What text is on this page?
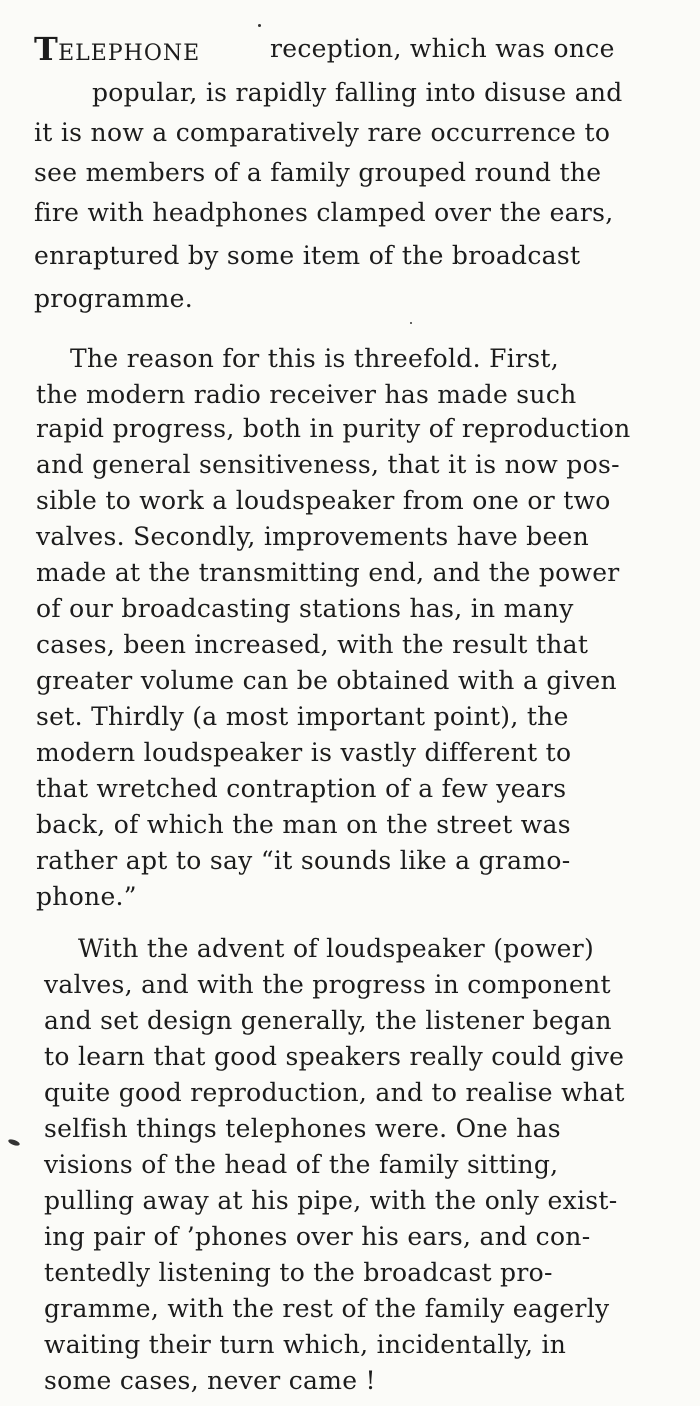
TELEPHONE	reception, which was once
popular, is rapidly falling into disuse and
it is now a comparatively rare occurrence to
see members of a family grouped round the
fire with headphones clamped over the ears,
enraptured by some item of the broadcast
programme.
The reason for this is threefold. First,
the modern radio receiver has made such
rapid progress, both in purity of reproduction
and general sensitiveness, that it is now pos-
sible to work a loudspeaker from one or two
valves. Secondly, improvements have been
made at the transmitting end, and the power
of our broadcasting stations has, in many
cases, been increased, with the result that
greater volume can be obtained with a given
set. Thirdly (a most important point), the
modern loudspeaker is vastly different to
that wretched contraption of a few years
back, of which the man on the street was
rather apt to say “it sounds like a gramo-
phone.”
With the advent of loudspeaker (power)
valves, and with the progress in component
and set design generally, the listener began
to learn that good speakers really could give
quite good reproduction, and to realise what
selfish things telephones were. One has
visions of the head of the family sitting,
pulling away at his pipe, with the only exist-
ing pair of ’phones over his ears, and con-
tentedly listening to the broadcast pro-
gramme, with the rest of the family eagerly
waiting their turn which, incidentally, in
some cases, never came !
